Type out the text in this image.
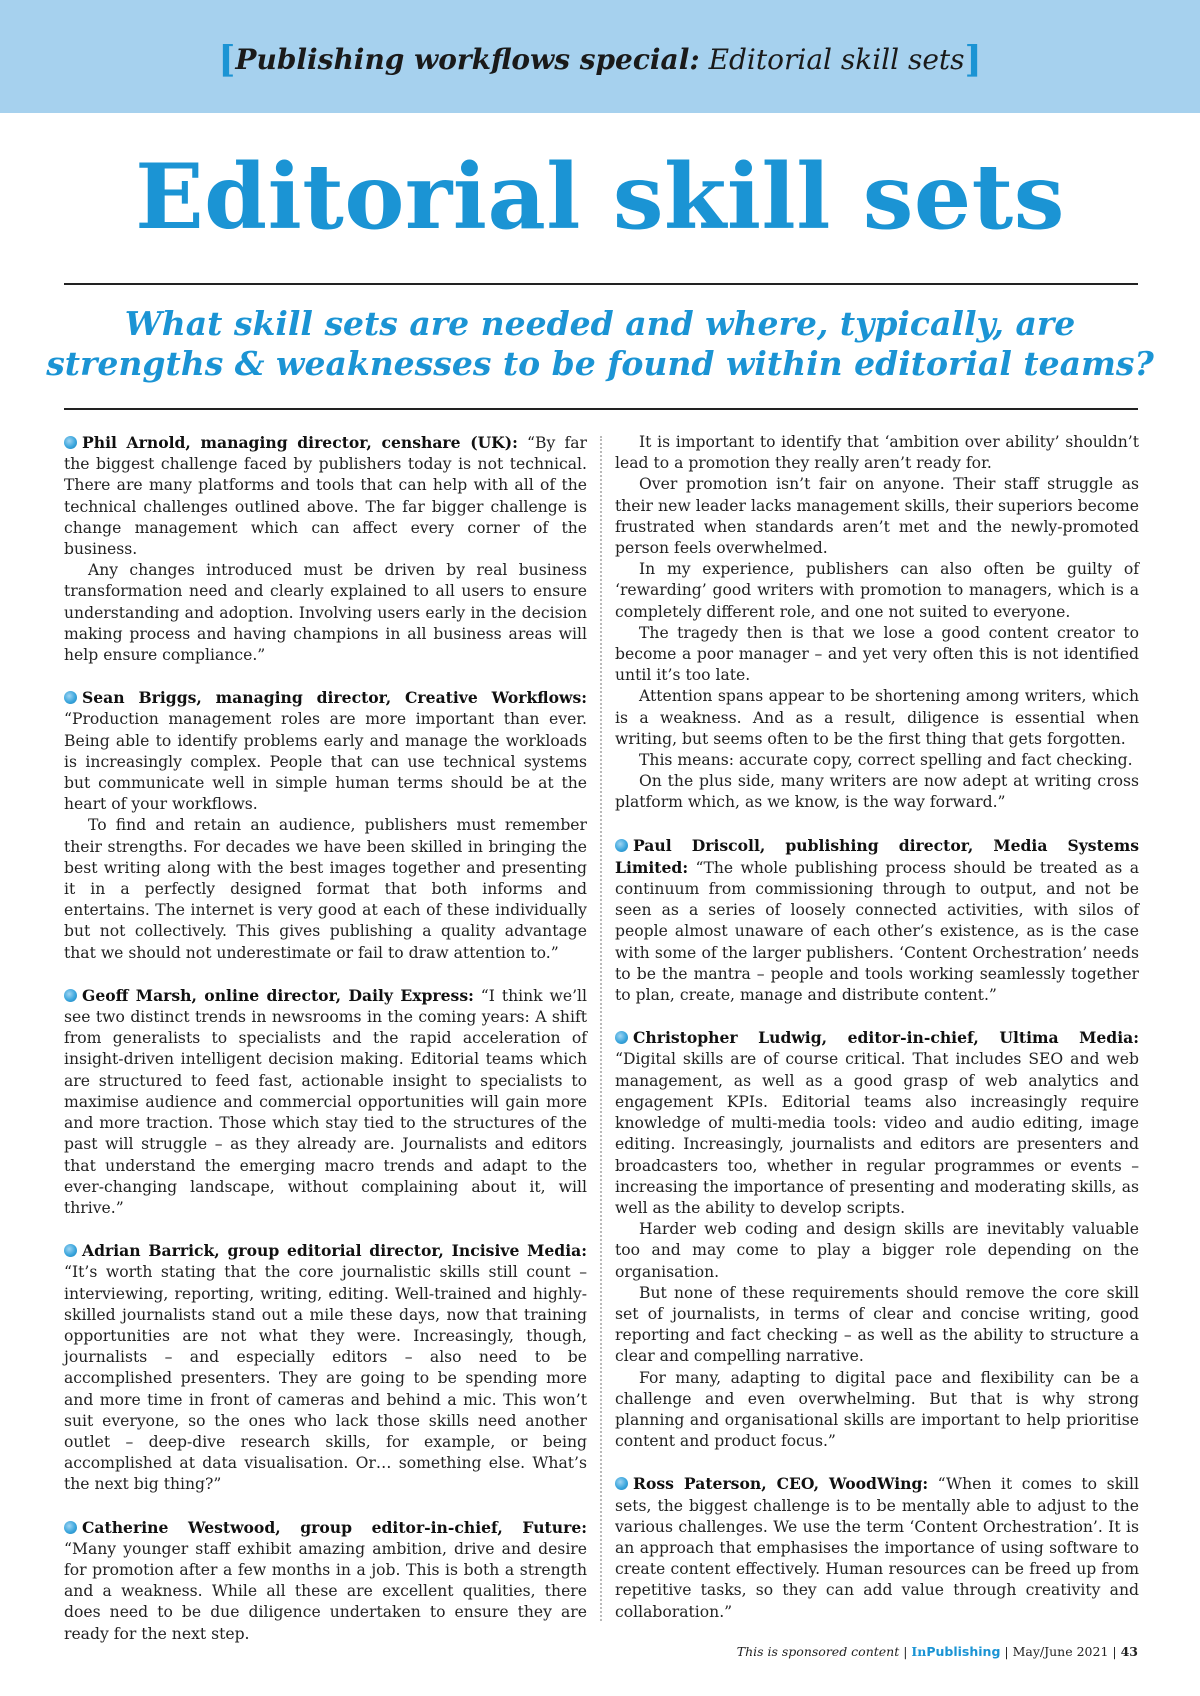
[Publishing workflows special: Editorial skill sets]
Editorial skill sets
What skill sets are needed and where, typically, are strengths & weaknesses to be found within editorial teams?

Phil Arnold, managing director, censhare (UK): “By far the biggest challenge faced by publishers today is not technical. There are many platforms and tools that can help with all of the technical challenges outlined above. The far bigger challenge is change management which can affect every corner of the business.

Any changes introduced must be driven by real business transformation need and clearly explained to all users to ensure understanding and adoption. Involving users early in the decision making process and having champions in all business areas will help ensure compliance.”

Sean Briggs, managing director, Creative Workflows: “Production management roles are more important than ever. Being able to identify problems early and manage the workloads is increasingly complex. People that can use technical systems but communicate well in simple human terms should be at the heart of your workflows.

To find and retain an audience, publishers must remember their strengths. For decades we have been skilled in bringing the best writing along with the best images together and presenting it in a perfectly designed format that both informs and entertains. The internet is very good at each of these individually but not collectively. This gives publishing a quality advantage that we should not underestimate or fail to draw attention to.”

Geoff Marsh, online director, Daily Express: “I think we’ll see two distinct trends in newsrooms in the coming years: A shift from generalists to specialists and the rapid acceleration of insight-driven intelligent decision making. Editorial teams which are structured to feed fast, actionable insight to specialists to maximise audience and commercial opportunities will gain more and more traction. Those which stay tied to the structures of the past will struggle – as they already are. Journalists and editors that understand the emerging macro trends and adapt to the ever-changing landscape, without complaining about it, will thrive.”

Adrian Barrick, group editorial director, Incisive Media: “It’s worth stating that the core journalistic skills still count – interviewing, reporting, writing, editing. Well-trained and highly-skilled journalists stand out a mile these days, now that training opportunities are not what they were. Increasingly, though, journalists – and especially editors – also need to be accomplished presenters. They are going to be spending more and more time in front of cameras and behind a mic. This won’t suit everyone, so the ones who lack those skills need another outlet – deep-dive research skills, for example, or being accomplished at data visualisation. Or… something else. What’s the next big thing?”

Catherine Westwood, group editor-in-chief, Future: “Many younger staff exhibit amazing ambition, drive and desire for promotion after a few months in a job. This is both a strength and a weakness. While all these are excellent qualities, there does need to be due diligence undertaken to ensure they are ready for the next step.

It is important to identify that ‘ambition over ability’ shouldn’t lead to a promotion they really aren’t ready for.

Over promotion isn’t fair on anyone. Their staff struggle as their new leader lacks management skills, their superiors become frustrated when standards aren’t met and the newly-promoted person feels overwhelmed.

In my experience, publishers can also often be guilty of ‘rewarding’ good writers with promotion to managers, which is a completely different role, and one not suited to everyone.

The tragedy then is that we lose a good content creator to become a poor manager – and yet very often this is not identified until it’s too late.

Attention spans appear to be shortening among writers, which is a weakness. And as a result, diligence is essential when writing, but seems often to be the first thing that gets forgotten.

This means: accurate copy, correct spelling and fact checking.

On the plus side, many writers are now adept at writing cross platform which, as we know, is the way forward.”

Paul Driscoll, publishing director, Media Systems Limited: “The whole publishing process should be treated as a continuum from commissioning through to output, and not be seen as a series of loosely connected activities, with silos of people almost unaware of each other’s existence, as is the case with some of the larger publishers. ‘Content Orchestration’ needs to be the mantra – people and tools working seamlessly together to plan, create, manage and distribute content.”

Christopher Ludwig, editor-in-chief, Ultima Media: “Digital skills are of course critical. That includes SEO and web management, as well as a good grasp of web analytics and engagement KPIs. Editorial teams also increasingly require knowledge of multi-media tools: video and audio editing, image editing. Increasingly, journalists and editors are presenters and broadcasters too, whether in regular programmes or events – increasing the importance of presenting and moderating skills, as well as the ability to develop scripts.

Harder web coding and design skills are inevitably valuable too and may come to play a bigger role depending on the organisation.

But none of these requirements should remove the core skill set of journalists, in terms of clear and concise writing, good reporting and fact checking – as well as the ability to structure a clear and compelling narrative.

For many, adapting to digital pace and flexibility can be a challenge and even overwhelming. But that is why strong planning and organisational skills are important to help prioritise content and product focus.”

Ross Paterson, CEO, WoodWing: “When it comes to skill sets, the biggest challenge is to be mentally able to adjust to the various challenges. We use the term ‘Content Orchestration’. It is an approach that emphasises the importance of using software to create content effectively. Human resources can be freed up from repetitive tasks, so they can add value through creativity and collaboration.”

This is sponsored content | InPublishing | May/June 2021 | 43
